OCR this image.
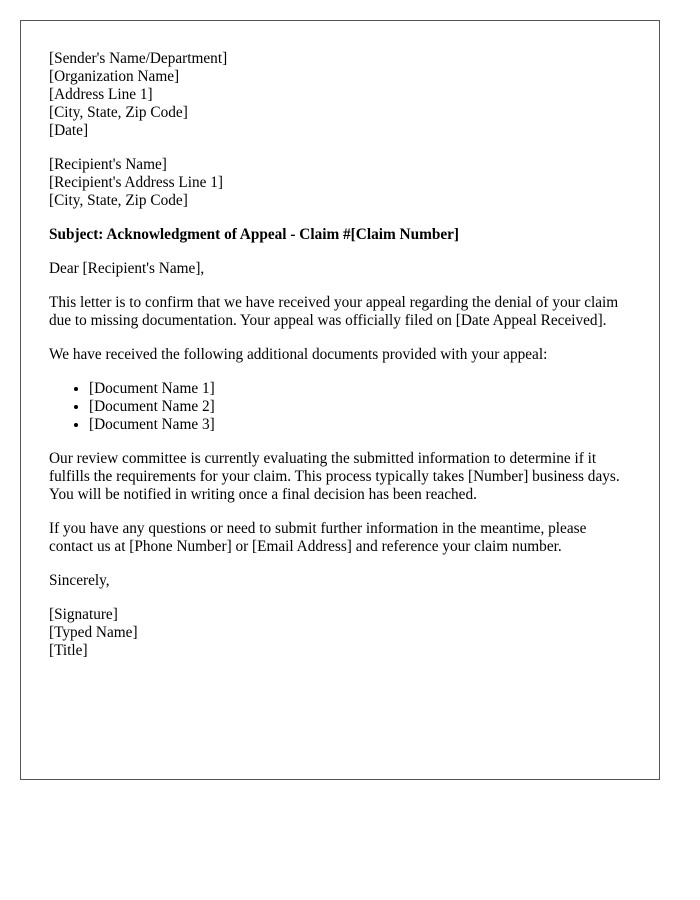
[Sender's Name/Department]
[Organization Name]
[Address Line 1]
[City, State, Zip Code]
[Date]
[Recipient's Name]
[Recipient's Address Line 1]
[City, State, Zip Code]
Subject: Acknowledgment of Appeal - Claim #[Claim Number]

Dear [Recipient's Name],

This letter is to confirm that we have received your appeal regarding the denial of your claim due to missing documentation. Your appeal was officially filed on [Date Appeal Received].

We have received the following additional documents provided with your appeal:

• [Document Name 1]
• [Document Name 2]
• [Document Name 3]

Our review committee is currently evaluating the submitted information to determine if it fulfills the requirements for your claim. This process typically takes [Number] business days. You will be notified in writing once a final decision has been reached.

If you have any questions or need to submit further information in the meantime, please contact us at [Phone Number] or [Email Address] and reference your claim number.

Sincerely,

[Signature]
[Typed Name]
[Title]
